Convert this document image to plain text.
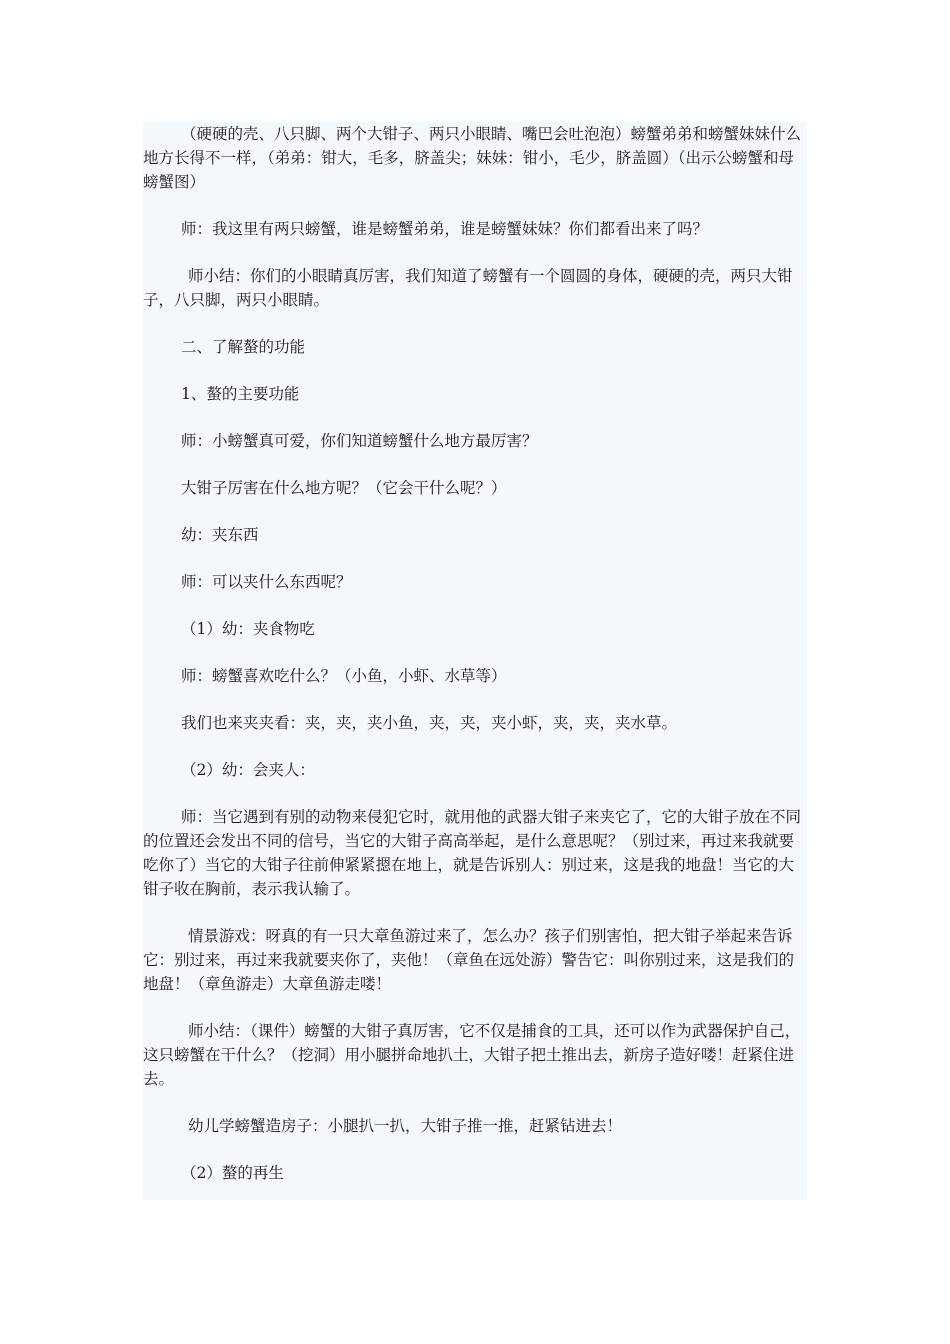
（硬硬的壳、八只脚、两个大钳子、两只小眼睛、嘴巴会吐泡泡）螃蟹弟弟和螃蟹妹妹什么地方长得不一样，（弟弟：钳大，毛多，脐盖尖；妹妹：钳小，毛少，脐盖圆）（出示公螃蟹和母螃蟹图）

师：我这里有两只螃蟹，谁是螃蟹弟弟，谁是螃蟹妹妹？你们都看出来了吗？

师小结：你们的小眼睛真厉害，我们知道了螃蟹有一个圆圆的身体，硬硬的壳，两只大钳子，八只脚，两只小眼睛。

二、了解螯的功能

1、螯的主要功能

师：小螃蟹真可爱，你们知道螃蟹什么地方最厉害？

大钳子厉害在什么地方呢？（它会干什么呢？）

幼：夹东西

师：可以夹什么东西呢？

（1）幼：夹食物吃

师：螃蟹喜欢吃什么？（小鱼，小虾、水草等）

我们也来夹夹看：夹，夹，夹小鱼，夹，夹，夹小虾，夹，夹，夹水草。

（2）幼：会夹人：

师：当它遇到有别的动物来侵犯它时，就用他的武器大钳子来夹它了，它的大钳子放在不同的位置还会发出不同的信号，当它的大钳子高高举起，是什么意思呢？（别过来，再过来我就要吃你了）当它的大钳子往前伸紧紧摁在地上，就是告诉别人：别过来，这是我的地盘！当它的大钳子收在胸前，表示我认输了。

情景游戏：呀真的有一只大章鱼游过来了，怎么办？孩子们别害怕，把大钳子举起来告诉它：别过来，再过来我就要夹你了，夹他！（章鱼在远处游）警告它：叫你别过来，这是我们的地盘！（章鱼游走）大章鱼游走喽！

师小结：（课件）螃蟹的大钳子真厉害，它不仅是捕食的工具，还可以作为武器保护自己，这只螃蟹在干什么？（挖洞）用小腿拼命地扒土，大钳子把土推出去，新房子造好喽！赶紧住进去。

幼儿学螃蟹造房子：小腿扒一扒，大钳子推一推，赶紧钻进去！

（2）螯的再生
